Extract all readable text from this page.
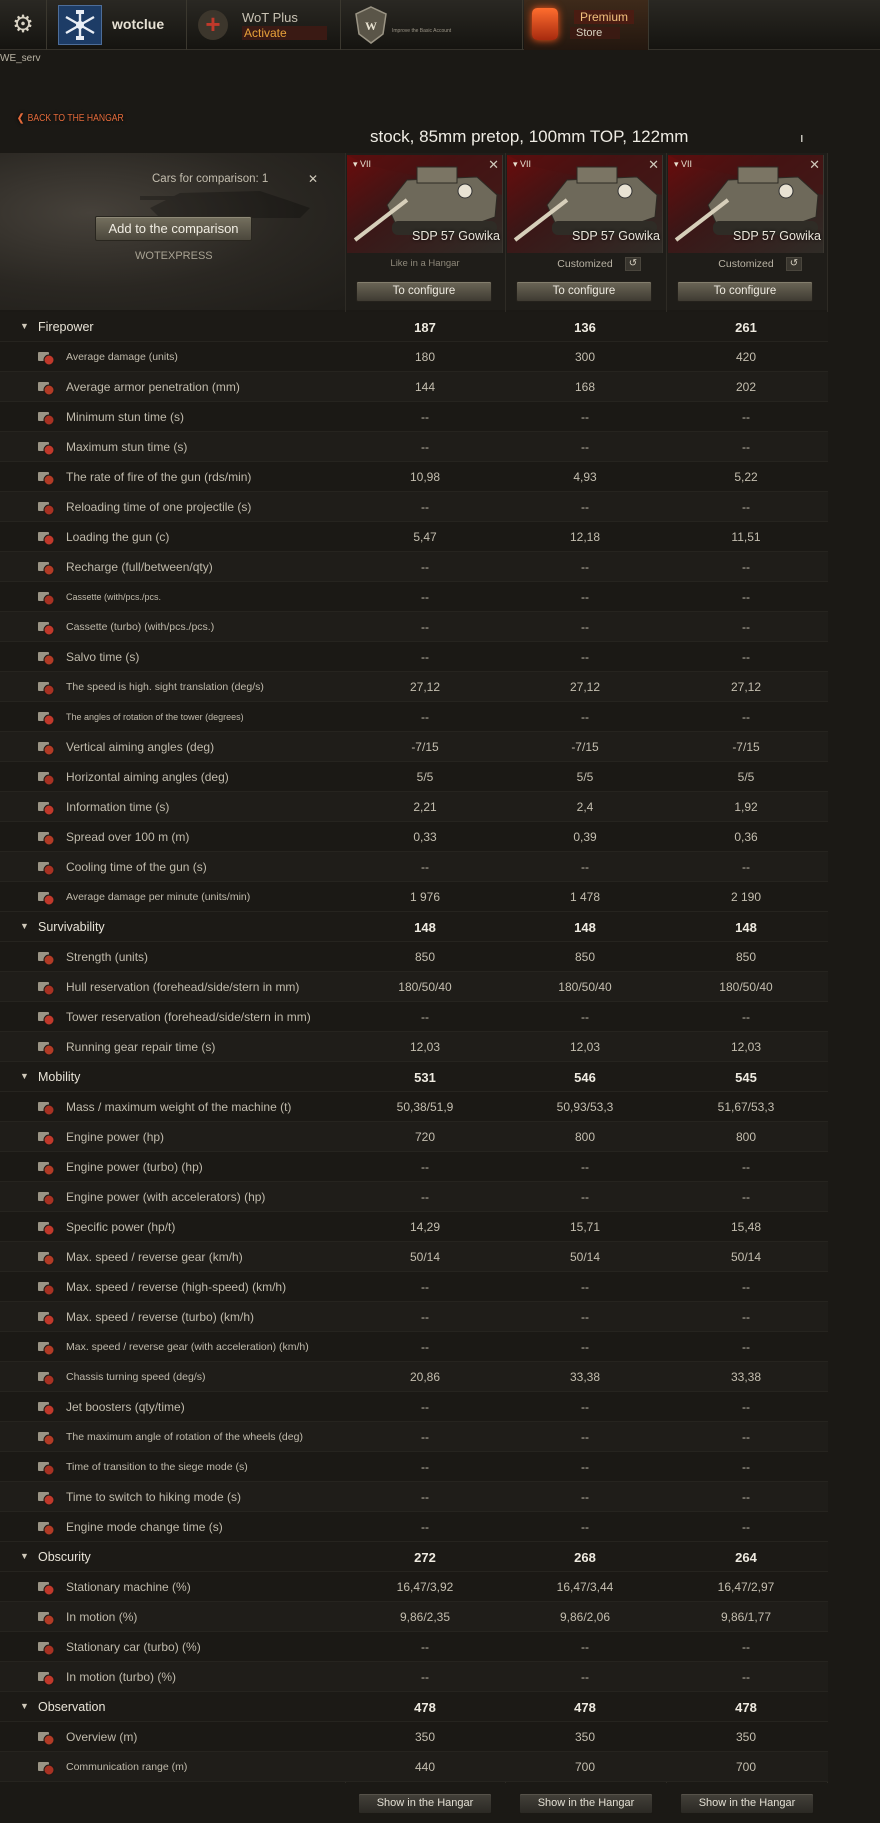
⚙	wotclue +	WoT Plus
Activate	W	Improve the Basic Account
Premium
Store
WE_serv
❮ BACK TO THE HANGAR
stock, 85mm pretop, 100mm TOP, 122mm	ı
Cars for comparison: 1	✕
Add to the comparison
WOTEXPRESS
▾ VII	✕
SDP 57 Gowika
Like in a Hangar
To configure
▾ VII	✕
SDP 57 Gowika
Customized	↺
To configure
▾ VII	✕
SDP 57 Gowika
Customized	↺
To configure
▼ Firepower	187	136	261
Average damage (units)	180	300	420
Average armor penetration (mm)	144	168	202
Minimum stun time (s)	--	--	--
Maximum stun time (s)	--	--	--
The rate of fire of the gun (rds/min)	10,98	4,93	5,22
Reloading time of one projectile (s)	--	--	--
Loading the gun (c)	5,47	12,18	11,51
Recharge (full/between/qty)	--	--	--
Cassette (with/pcs./pcs.	--	--	--
Cassette (turbo) (with/pcs./pcs.)	--	--	--
Salvo time (s)	--	--	--
The speed is high. sight translation (deg/s)	27,12	27,12	27,12
The angles of rotation of the tower (degrees)	--	--	--
Vertical aiming angles (deg)	-7/15	-7/15	-7/15
Horizontal aiming angles (deg)	5/5	5/5	5/5
Information time (s)	2,21	2,4	1,92
Spread over 100 m (m)	0,33	0,39	0,36
Cooling time of the gun (s)	--	--	--
Average damage per minute (units/min)	1 976	1 478	2 190
▼ Survivability	148	148	148
Strength (units)	850	850	850
Hull reservation (forehead/side/stern in mm)	180/50/40	180/50/40	180/50/40
Tower reservation (forehead/side/stern in mm)	--	--	--
Running gear repair time (s)	12,03	12,03	12,03
▼ Mobility	531	546	545
Mass / maximum weight of the machine (t)	50,38/51,9	50,93/53,3	51,67/53,3
Engine power (hp)	720	800	800
Engine power (turbo) (hp)	--	--	--
Engine power (with accelerators) (hp)	--	--	--
Specific power (hp/t)	14,29	15,71	15,48
Max. speed / reverse gear (km/h)	50/14	50/14	50/14
Max. speed / reverse (high-speed) (km/h)	--	--	--
Max. speed / reverse (turbo) (km/h)	--	--	--
Max. speed / reverse gear (with acceleration) (km/h)	--	--	--
Chassis turning speed (deg/s)	20,86	33,38	33,38
Jet boosters (qty/time)	--	--	--
The maximum angle of rotation of the wheels (deg)	--	--	--
Time of transition to the siege mode (s)	--	--	--
Time to switch to hiking mode (s)	--	--	--
Engine mode change time (s)	--	--	--
▼ Obscurity	272	268	264
Stationary machine (%)	16,47/3,92	16,47/3,44	16,47/2,97
In motion (%)	9,86/2,35	9,86/2,06	9,86/1,77
Stationary car (turbo) (%)	--	--	--
In motion (turbo) (%)	--	--	--
▼ Observation	478	478	478
Overview (m)	350	350	350
Communication range (m)	440	700	700
Show in the Hangar	Show in the Hangar	Show in the Hangar
